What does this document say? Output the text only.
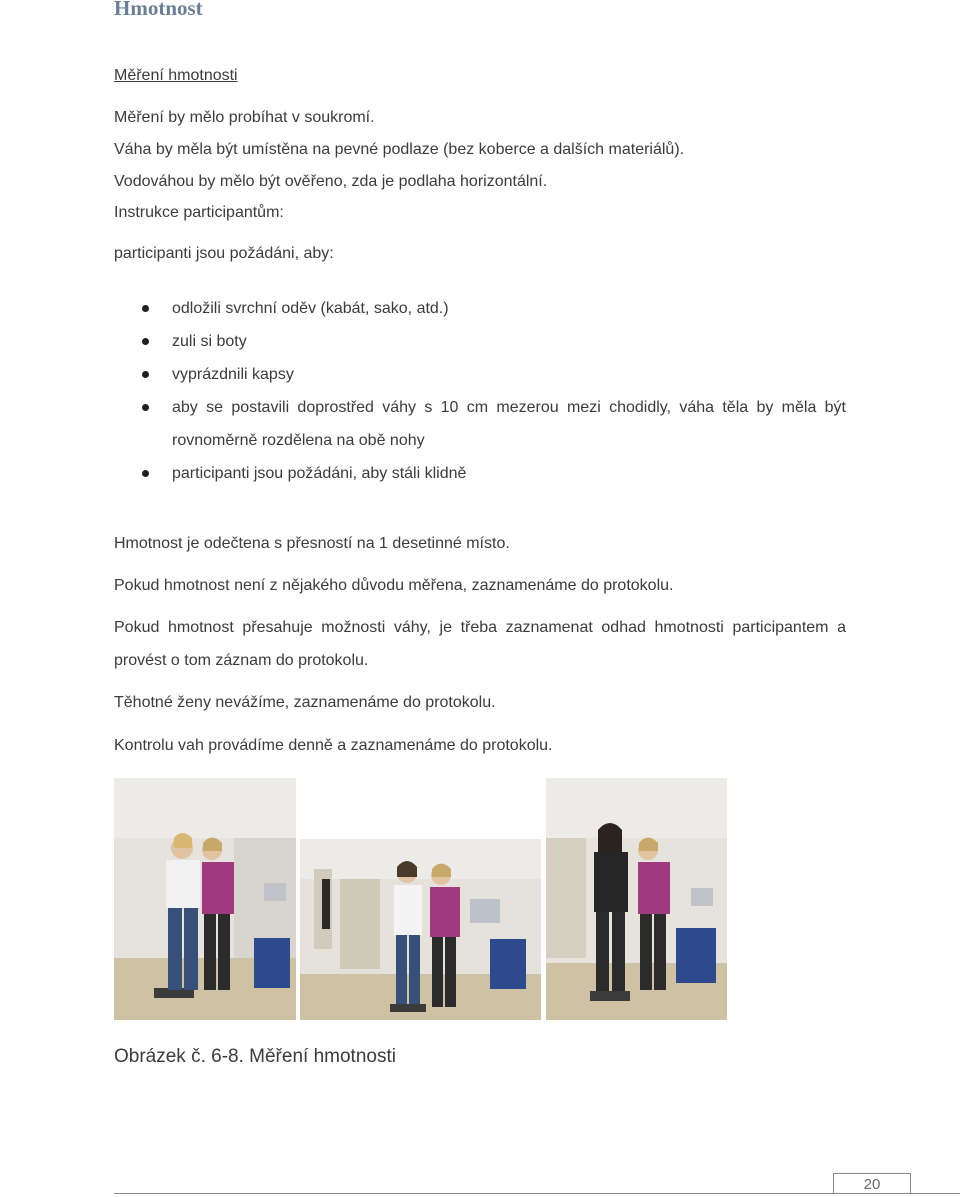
Hmotnost

Měření hmotnosti

Měření by mělo probíhat v soukromí.

Váha by měla být umístěna na pevné podlaze (bez koberce a dalších materiálů).

Vodováhou by mělo být ověřeno, zda je podlaha horizontální.

Instrukce participantům:

participanti jsou požádáni, aby:

odložili svrchní oděv (kabát, sako, atd.)
zuli si boty
vyprázdnili kapsy
aby se postavili doprostřed váhy s 10 cm mezerou mezi chodidly, váha těla by měla být rovnoměrně rozdělena na obě nohy
participanti jsou požádáni, aby stáli klidně

Hmotnost je odečtena s přesností na 1 desetinné místo.

Pokud hmotnost není z nějakého důvodu měřena, zaznamenáme do protokolu.

Pokud hmotnost přesahuje možnosti váhy, je třeba zaznamenat odhad hmotnosti participantem a provést o tom záznam do protokolu.

Těhotné ženy nevážíme, zaznamenáme do protokolu.

Kontrolu vah provádíme denně a zaznamenáme do protokolu.

Obrázek č. 6-8. Měření hmotnosti

20
